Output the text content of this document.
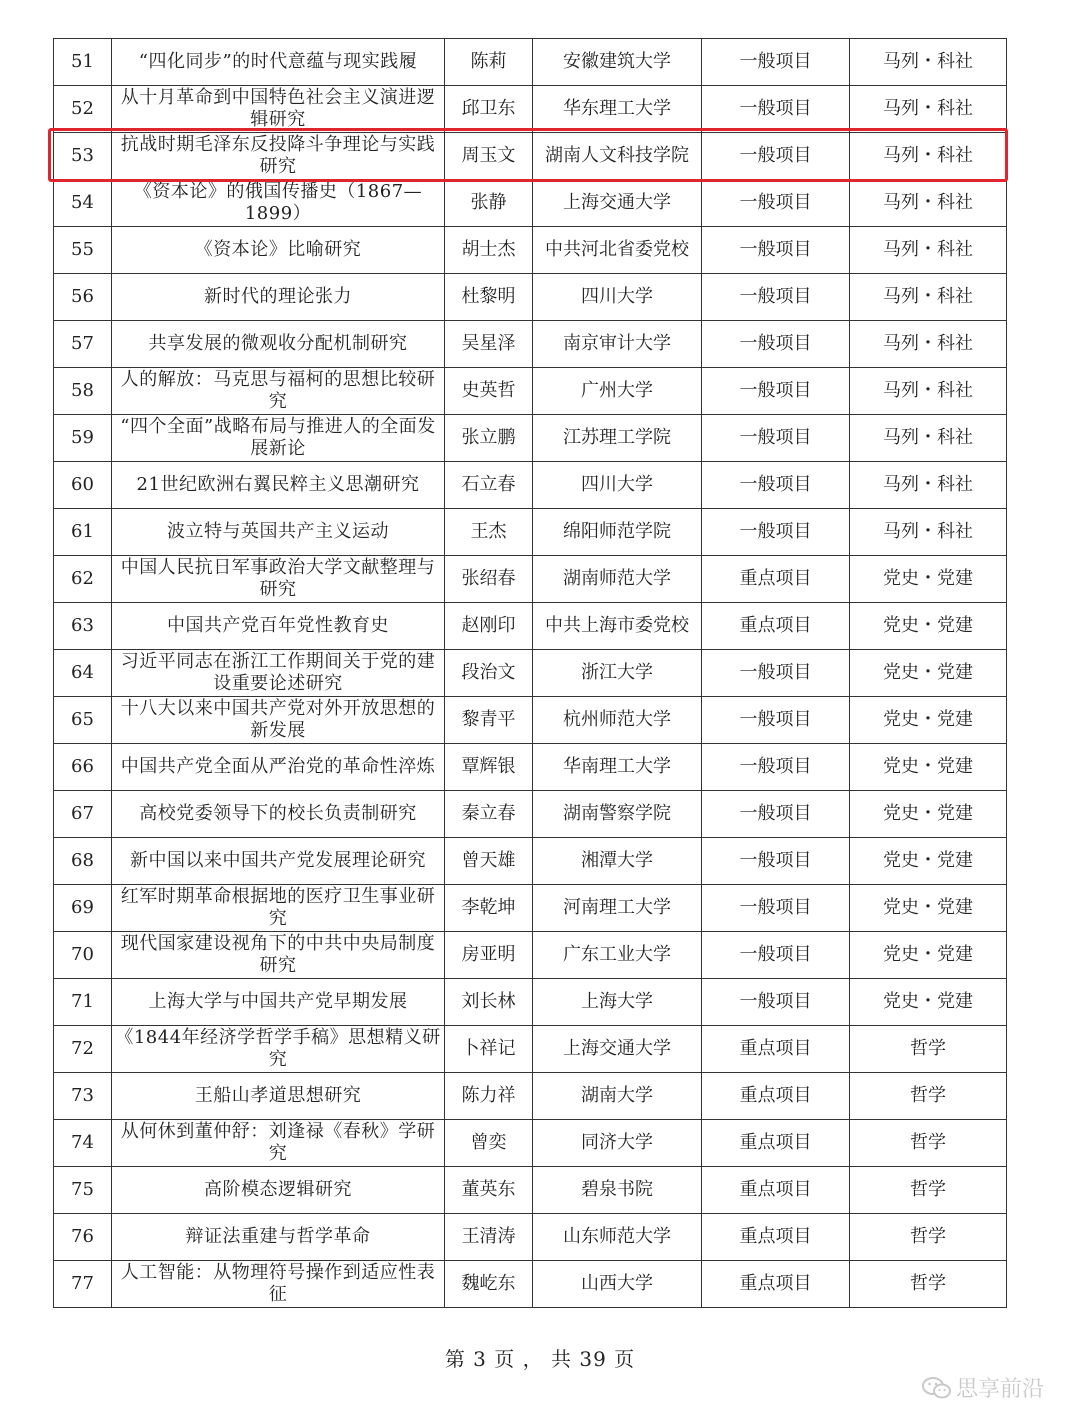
51	“四化同步”的时代意蕴与现实践履	陈莉	安徽建筑大学	一般项目	马列・科社
52	从十月革命到中国特色社会主义演进逻辑研究	邱卫东	华东理工大学	一般项目	马列・科社
53	抗战时期毛泽东反投降斗争理论与实践研究	周玉文	湖南人文科技学院	一般项目	马列・科社
54	《资本论》的俄国传播史（1867—1899）	张静	上海交通大学	一般项目	马列・科社
55	《资本论》比喻研究	胡士杰	中共河北省委党校	一般项目	马列・科社
56	新时代的理论张力	杜黎明	四川大学	一般项目	马列・科社
57	共享发展的微观收分配机制研究	吴星泽	南京审计大学	一般项目	马列・科社
58	人的解放：马克思与福柯的思想比较研究	史英哲	广州大学	一般项目	马列・科社
59	“四个全面”战略布局与推进人的全面发展新论	张立鹏	江苏理工学院	一般项目	马列・科社
60	21世纪欧洲右翼民粹主义思潮研究	石立春	四川大学	一般项目	马列・科社
61	波立特与英国共产主义运动	王杰	绵阳师范学院	一般项目	马列・科社
62	中国人民抗日军事政治大学文献整理与研究	张绍春	湖南师范大学	重点项目	党史・党建
63	中国共产党百年党性教育史	赵刚印	中共上海市委党校	重点项目	党史・党建
64	习近平同志在浙江工作期间关于党的建设重要论述研究	段治文	浙江大学	一般项目	党史・党建
65	十八大以来中国共产党对外开放思想的新发展	黎青平	杭州师范大学	一般项目	党史・党建
66	中国共产党全面从严治党的革命性淬炼	覃辉银	华南理工大学	一般项目	党史・党建
67	高校党委领导下的校长负责制研究	秦立春	湖南警察学院	一般项目	党史・党建
68	新中国以来中国共产党发展理论研究	曾天雄	湘潭大学	一般项目	党史・党建
69	红军时期革命根据地的医疗卫生事业研究	李乾坤	河南理工大学	一般项目	党史・党建
70	现代国家建设视角下的中共中央局制度研究	房亚明	广东工业大学	一般项目	党史・党建
71	上海大学与中国共产党早期发展	刘长林	上海大学	一般项目	党史・党建
72	《1844年经济学哲学手稿》思想精义研究	卜祥记	上海交通大学	重点项目	哲学
73	王船山孝道思想研究	陈力祥	湖南大学	重点项目	哲学
74	从何休到董仲舒：刘逢禄《春秋》学研究	曾奕	同济大学	重点项目	哲学
75	高阶模态逻辑研究	董英东	碧泉书院	重点项目	哲学
76	辩证法重建与哲学革命	王清涛	山东师范大学	重点项目	哲学
77	人工智能：从物理符号操作到适应性表征	魏屹东	山西大学	重点项目	哲学
第 3 页 ， 共 39 页
思享前沿
